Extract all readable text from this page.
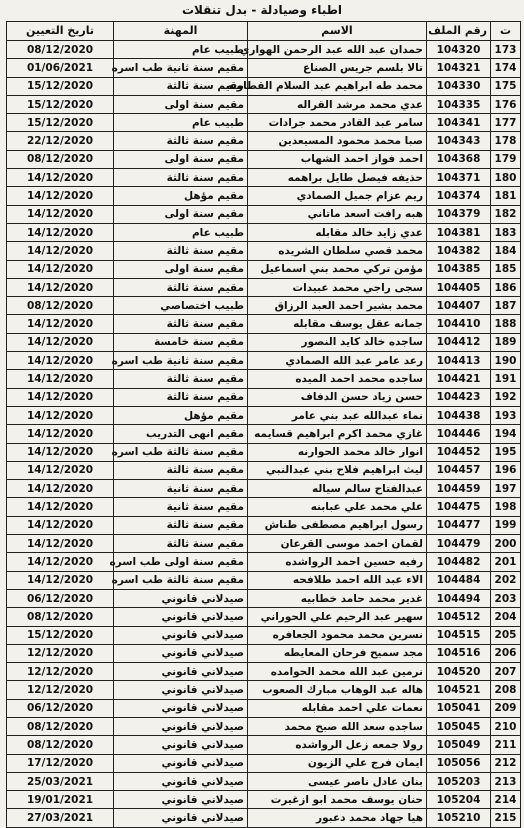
اطباء وصيادلة - بدل تنقلات
ت	رقم الملف	الاسم	المهنة	تاريخ التعيين
173	104320	حمدان عبد الله عبد الرحمن الهواري	طبيب عام	08/12/2020
174	104321	تالا بلسم جريس الصناع	مقيم سنة ثانية طب اسره	01/06/2021
175	104330	محمد طه ابراهيم عبد السلام القطاونه	مقيم سنة ثالثة	15/12/2020
176	104335	عدي محمد مرشد القراله	مقيم سنة اولى	15/12/2020
177	104341	سامر عبد القادر محمد جرادات	طبيب عام	15/12/2020
178	104343	صبا محمد محمود المسيعدين	مقيم سنة ثالثة	22/12/2020
179	104368	احمد فواز احمد الشهاب	مقيم سنة اولى	08/12/2020
180	104371	حذيفه فيصل طايل براهمه	مقيم سنة ثالثة	14/12/2020
181	104374	ريم عزام جميل الصمادي	مقيم مؤهل	14/12/2020
182	104379	هبه رافت اسعد ماتاني	مقيم سنة اولى	14/12/2020
183	104381	عدي زايد خالد مقابله	طبيب عام	14/12/2020
184	104382	محمد قصي سلطان الشريده	مقيم سنة ثالثة	14/12/2020
185	104385	مؤمن تركي محمد بني اسماعيل	مقيم سنة اولى	14/12/2020
186	104405	سجى راجي محمد عبيدات	مقيم سنة ثالثة	14/12/2020
187	104407	محمد بشير احمد العبد الرزاق	طبيب اختصاصي	08/12/2020
188	104410	جمانه عقل يوسف مقابله	مقيم سنة ثالثة	14/12/2020
189	104412	ساجده خالد كايد النصور	مقيم سنة خامسة	14/12/2020
190	104413	رعد عامر عبد الله الصمادي	مقيم سنة ثانية طب اسره	14/12/2020
191	104421	ساجده محمد احمد الميده	مقيم سنة ثالثة	14/12/2020
192	104423	حسن زياد حسن الدفاف	مقيم سنة ثالثة	14/12/2020
193	104438	نماء عبدالله عبد بني عامر	مقيم مؤهل	14/12/2020
194	104446	غازي محمد اكرم ابراهيم قسايمه	مقيم انهى التدريب	14/12/2020
195	104452	انوار خالد محمد الحوارنه	مقيم سنة ثالثة طب اسره	14/12/2020
196	104457	ليث ابراهيم فلاح بني عبدالنبي	مقيم سنة ثالثة	14/12/2020
197	104459	عبدالفتاح سالم سياله	مقيم سنة ثانية	14/12/2020
198	104475	علي محمد علي عبابنه	مقيم سنة ثانية	14/12/2020
199	104477	رسول ابراهيم مصطفى طناش	مقيم سنة ثالثة	14/12/2020
200	104479	لقمان احمد موسى القرعان	مقيم سنة ثالثة	14/12/2020
201	104482	رفيه حسين احمد الرواشده	مقيم سنة اولى طب اسره	14/12/2020
202	104484	الاء عبد الله احمد طلافحه	مقيم سنة ثالثة طب اسره	14/12/2020
203	104494	غدير محمد حامد خطابيه	صيدلاني قانوني	06/12/2020
204	104512	سهير عبد الرحيم علي الحوراني	صيدلاني قانوني	08/12/2020
205	104515	نسرين محمد محمود الجعافره	صيدلاني قانوني	15/12/2020
206	104516	مجد سميح فرحان المعايطه	صيدلاني قانوني	12/12/2020
207	104520	نرمين عبد الله محمد الحوامده	صيدلاني قانوني	12/12/2020
208	104521	هاله عبد الوهاب مبارك الصعوب	صيدلاني قانوني	12/12/2020
209	105041	نعمات علي احمد مقابله	صيدلاني قانوني	06/12/2020
210	105045	ساجده سعد الله صبح محمد	صيدلاني قانوني	08/12/2020
211	105049	رولا جمعه زعل الرواشده	صيدلاني قانوني	08/12/2020
212	105056	ايمان فرج علي الزيون	صيدلاني قانوني	17/12/2020
213	105203	بنان عادل ناصر عيسى	صيدلاني قانوني	25/03/2021
214	105204	حنان يوسف محمد ابو ازغيرت	صيدلاني قانوني	19/01/2021
215	105210	هيا جهاد محمد دعبور	صيدلاني قانوني	27/03/2021
